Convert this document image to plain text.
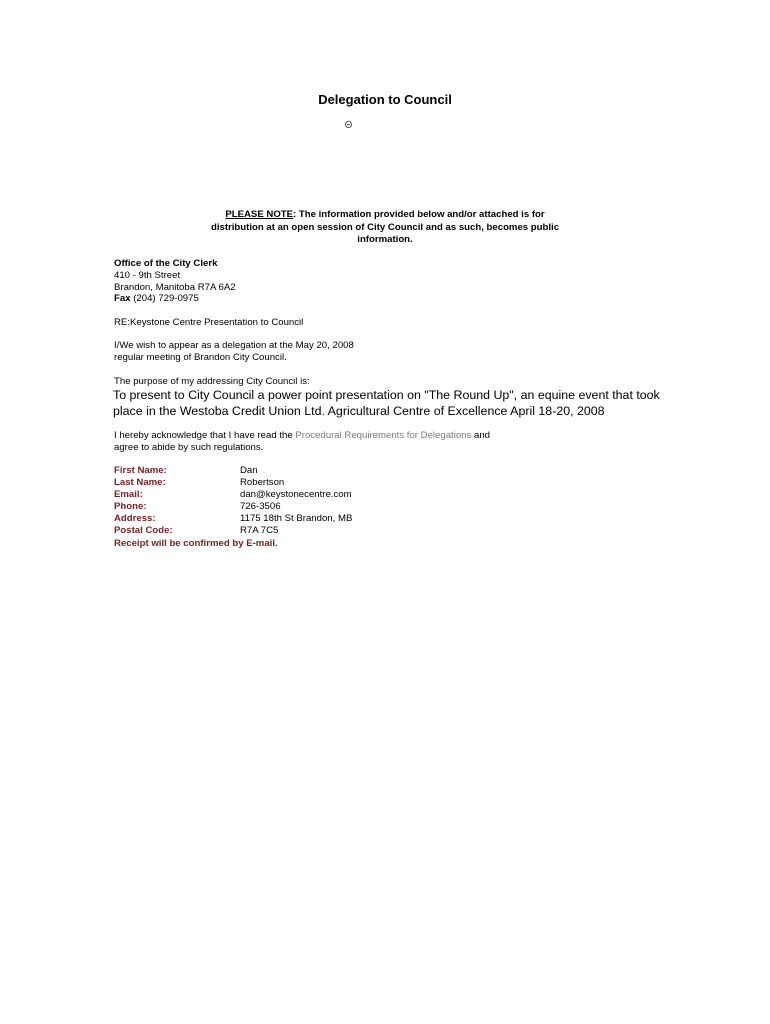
Delegation to Council
PLEASE NOTE: The information provided below and/or attached is for distribution at an open session of City Council and as such, becomes public information.
Office of the City Clerk
410 - 9th Street
Brandon, Manitoba R7A 6A2
Fax (204) 729-0975
RE:Keystone Centre Presentation to Council
I/We wish to appear as a delegation at the May 20, 2008
regular meeting of Brandon City Council.
The purpose of my addressing City Council is:
To present to City Council a power point presentation on "The Round Up", an equine event that took place in the Westoba Credit Union Ltd. Agricultural Centre of Excellence April 18-20, 2008
I hereby acknowledge that I have read the Procedural Requirements for Delegations and
agree to abide by such regulations.
First Name:	Dan
Last Name:	Robertson
Email:	dan@keystonecentre.com
Phone:	726-3506
Address:	1175 18th St Brandon, MB
Postal Code:	R7A 7C5
Receipt will be confirmed by E-mail.
